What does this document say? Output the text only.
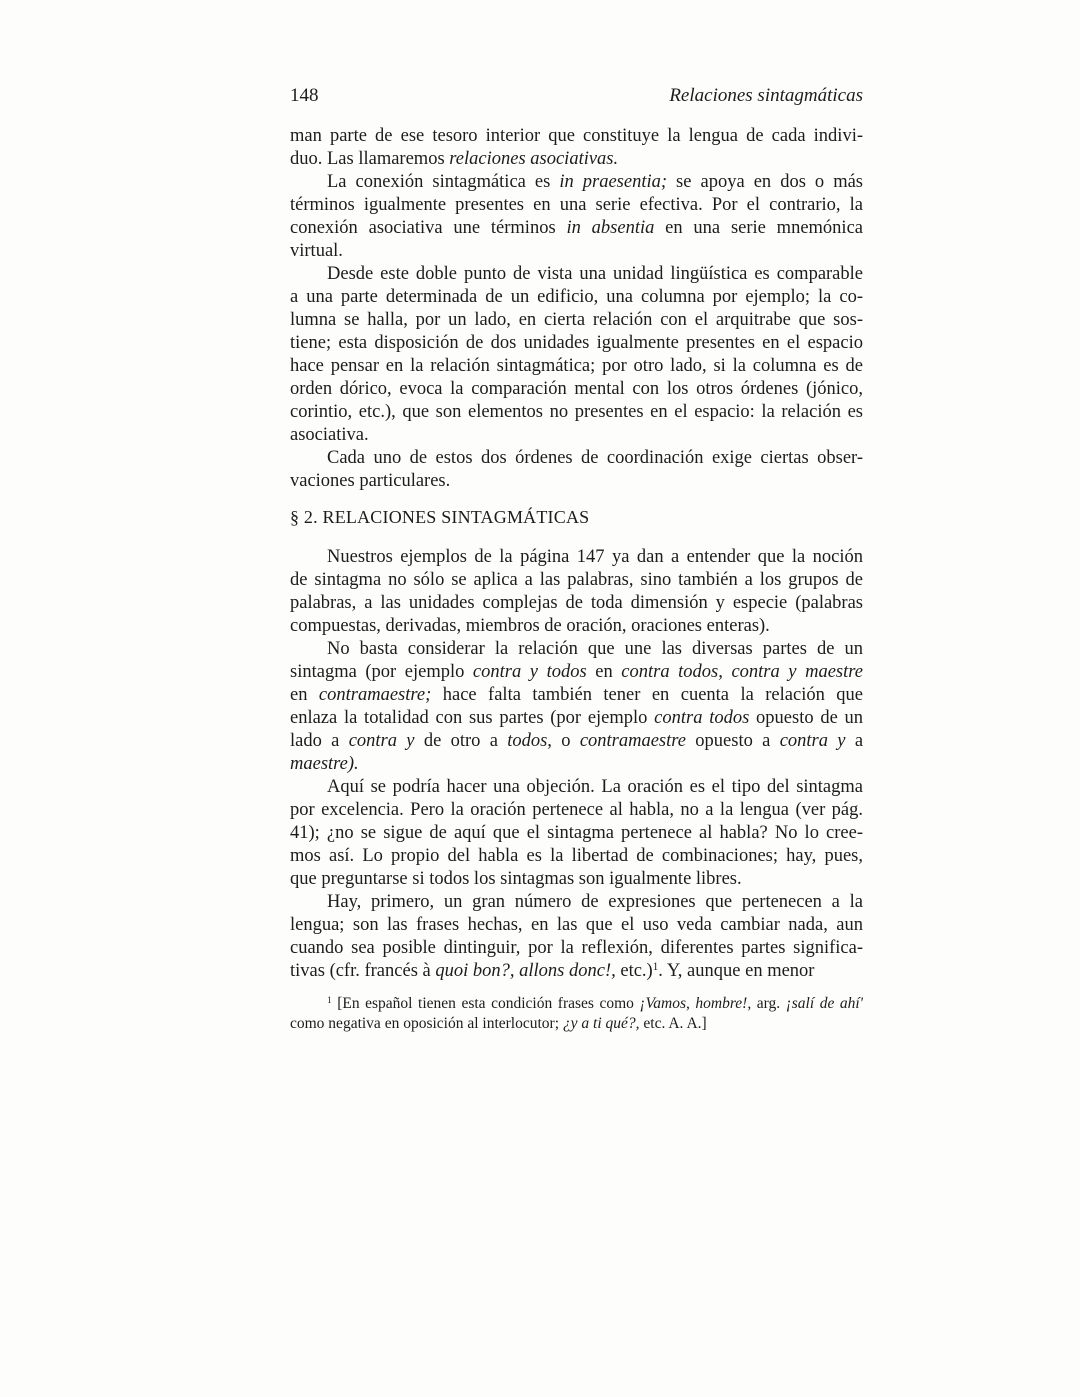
148	Relaciones sintagmáticas
man parte de ese tesoro interior que constituye la lengua de cada indivi-
duo. Las llamaremos relaciones asociativas.
La conexión sintagmática es in praesentia; se apoya en dos o más
términos igualmente presentes en una serie efectiva. Por el contrario, la
conexión asociativa une términos in absentia en una serie mnemónica
virtual.
Desde este doble punto de vista una unidad lingüística es comparable
a una parte determinada de un edificio, una columna por ejemplo; la co-
lumna se halla, por un lado, en cierta relación con el arquitrabe que sos-
tiene; esta disposición de dos unidades igualmente presentes en el espacio
hace pensar en la relación sintagmática; por otro lado, si la columna es de
orden dórico, evoca la comparación mental con los otros órdenes (jónico,
corintio, etc.), que son elementos no presentes en el espacio: la relación es
asociativa.
Cada uno de estos dos órdenes de coordinación exige ciertas obser-
vaciones particulares.
§ 2. RELACIONES SINTAGMÁTICAS
Nuestros ejemplos de la página 147 ya dan a entender que la noción
de sintagma no sólo se aplica a las palabras, sino también a los grupos de
palabras, a las unidades complejas de toda dimensión y especie (palabras
compuestas, derivadas, miembros de oración, oraciones enteras).
No basta considerar la relación que une las diversas partes de un
sintagma (por ejemplo contra y todos en contra todos, contra y maestre
en contramaestre; hace falta también tener en cuenta la relación que
enlaza la totalidad con sus partes (por ejemplo contra todos opuesto de un
lado a contra y de otro a todos, o contramaestre opuesto a contra y a
maestre).
Aquí se podría hacer una objeción. La oración es el tipo del sintagma
por excelencia. Pero la oración pertenece al habla, no a la lengua (ver pág.
41); ¿no se sigue de aquí que el sintagma pertenece al habla? No lo cree-
mos así. Lo propio del habla es la libertad de combinaciones; hay, pues,
que preguntarse si todos los sintagmas son igualmente libres.
Hay, primero, un gran número de expresiones que pertenecen a la
lengua; son las frases hechas, en las que el uso veda cambiar nada, aun
cuando sea posible dintinguir, por la reflexión, diferentes partes significa-
tivas (cfr. francés à quoi bon?, allons donc!, etc.)$^1$. Y, aunque en menor
$^1$ [En español tienen esta condición frases como ¡Vamos, hombre!, arg. ¡salí de ahí'
como negativa en oposición al interlocutor; ¿y a ti qué?, etc. A. A.]
